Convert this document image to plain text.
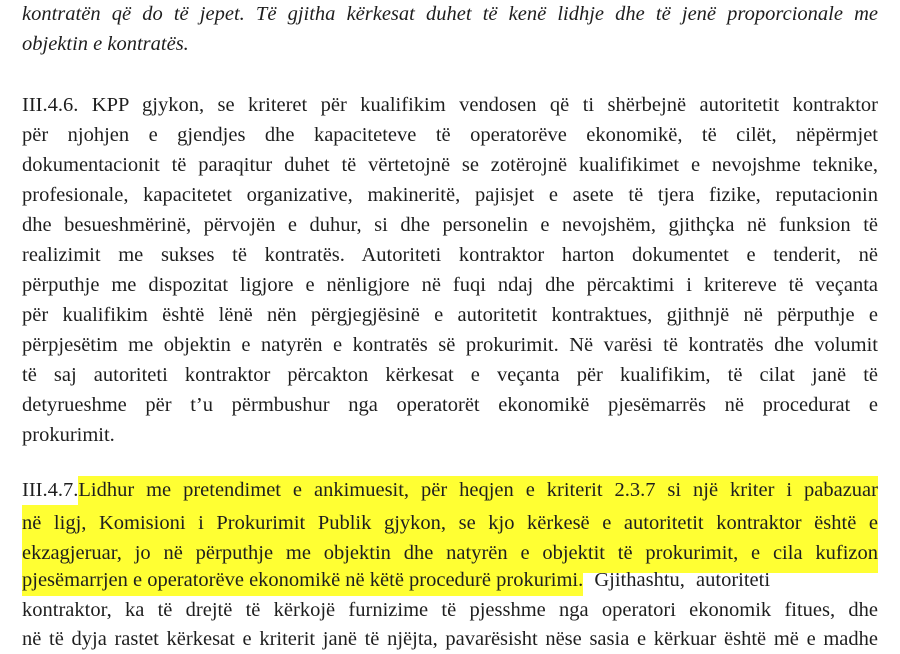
kontratën që do të jepet. Të gjitha kërkesat duhet të kenë lidhje dhe të jenë proporcionale me
objektin e kontratës.
III.4.6. KPP gjykon, se kriteret për kualifikim vendosen që ti shërbejnë autoritetit kontraktor
për njohjen e gjendjes dhe kapaciteteve të operatorëve ekonomikë, të cilët, nëpërmjet
dokumentacionit të paraqitur duhet të vërtetojnë se zotërojnë kualifikimet e nevojshme teknike,
profesionale, kapacitetet organizative, makineritë, pajisjet e asete të tjera fizike, reputacionin
dhe besueshmërinë, përvojën e duhur, si dhe personelin e nevojshëm, gjithçka në funksion të
realizimit me sukses të kontratës. Autoriteti kontraktor harton dokumentet e tenderit, në
përputhje me dispozitat ligjore e nënligjore në fuqi ndaj dhe përcaktimi i kritereve të veçanta
për kualifikim është lënë nën përgjegjësinë e autoritetit kontraktues, gjithnjë në përputhje e
përpjesëtim me objektin e natyrën e kontratës së prokurimit. Në varësi të kontratës dhe volumit
të saj autoriteti kontraktor përcakton kërkesat e veçanta për kualifikim, të cilat janë të
detyrueshme për t’u përmbushur nga operatorët ekonomikë pjesëmarrës në procedurat e
prokurimit.
III.4.7.Lidhur me pretendimet e ankimuesit, për heqjen e kriterit 2.3.7 si një kriter i pabazuar
në ligj, Komisioni i Prokurimit Publik gjykon, se kjo kërkesë e autoritetit kontraktor është e
ekzagjeruar, jo në përputhje me objektin dhe natyrën e objektit të prokurimit, e cila kufizon
pjesëmarrjen e operatorëve ekonomikë në këtë procedurë prokurimi. Gjithashtu, autoriteti
kontraktor, ka të drejtë të kërkojë furnizime të pjesshme nga operatori ekonomik fitues, dhe
në të dyja rastet kërkesat e kriterit janë të njëjta, pavarësisht nëse sasia e kërkuar është më e madhe
